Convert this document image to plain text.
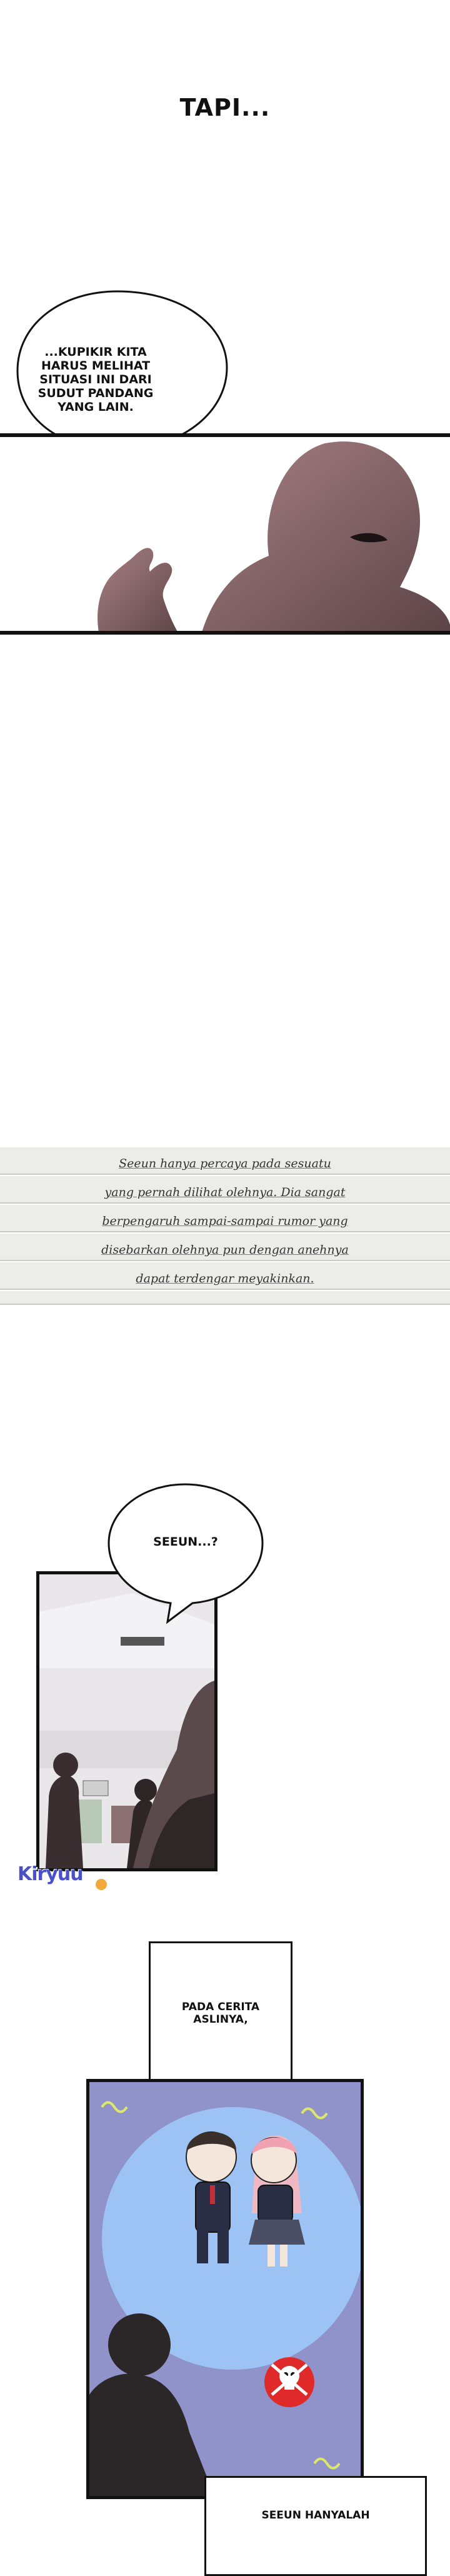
TAPI...
...KUPIKIR KITA
HARUS MELIHAT
SITUASI INI DARI
SUDUT PANDANG
YANG LAIN.
Seeun hanya percaya pada sesuatu
yang pernah dilihat olehnya. Dia sangat
berpengaruh sampai-sampai rumor yang
disebarkan olehnya pun dengan anehnya
dapat terdengar meyakinkan.
SEEUN...?
Kiryuu
PADA CERITA
ASLINYA,
SEEUN HANYALAH
